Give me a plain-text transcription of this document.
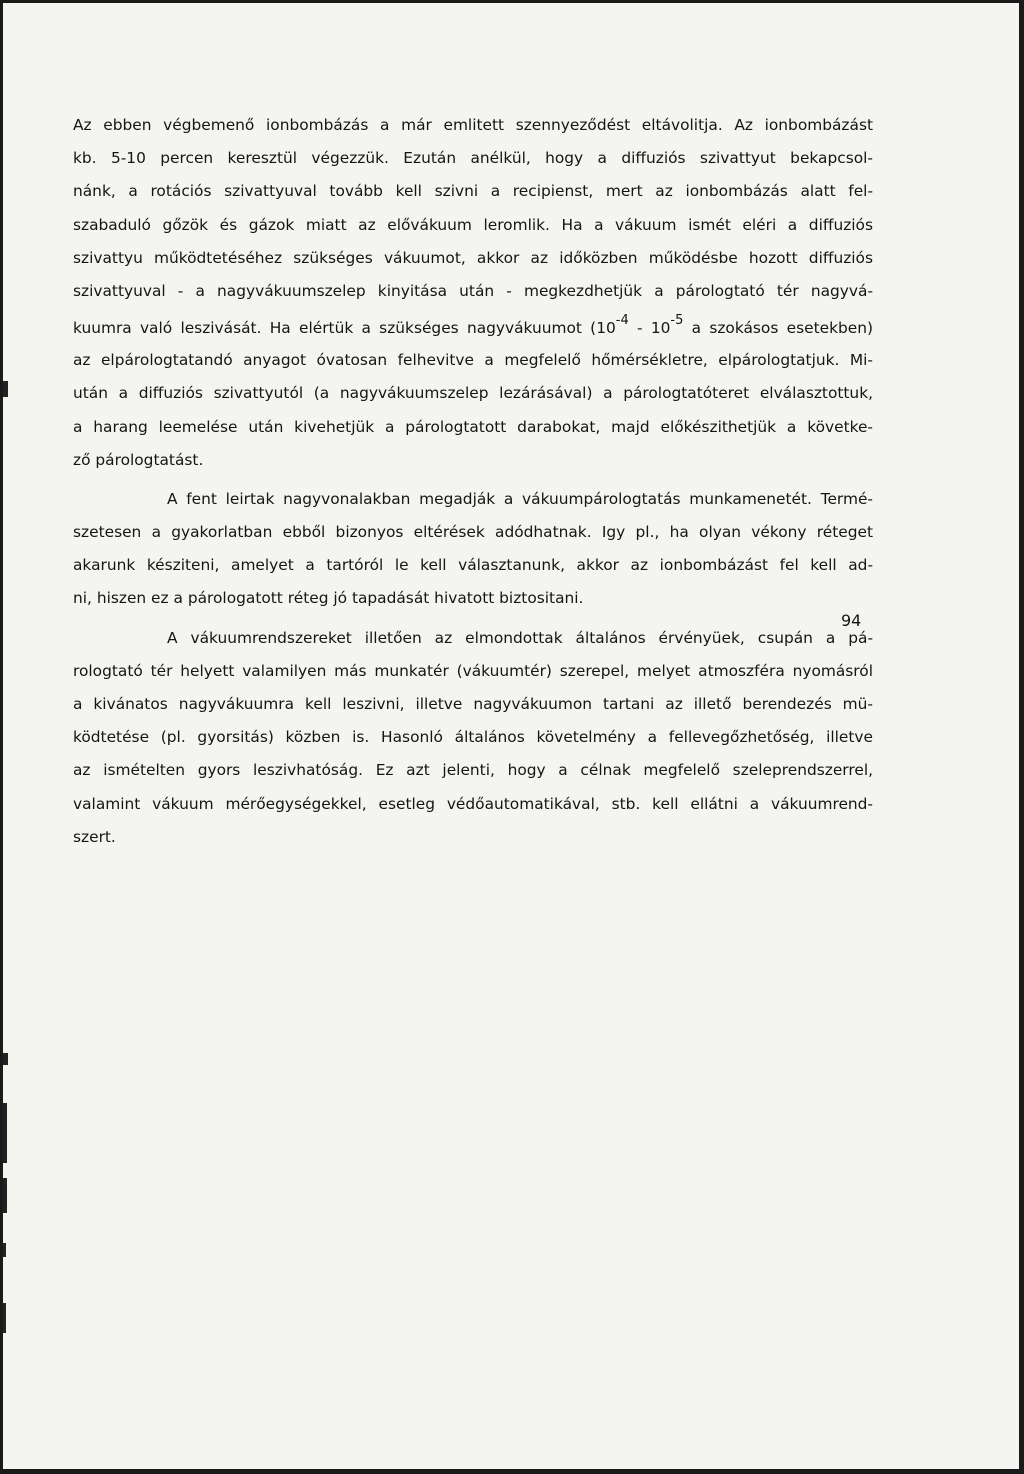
Az ebben végbemenő ionbombázás a már emlitett szennyeződést eltávolitja. Az ionbombázást
kb. 5-10 percen keresztül végezzük. Ezután anélkül, hogy a diffuziós szivattyut bekapcsol-
nánk, a rotációs szivattyuval tovább kell szivni a recipienst, mert az ionbombázás alatt fel-
szabaduló gőzök és gázok miatt az elővákuum leromlik. Ha a vákuum ismét eléri a diffuziós
szivattyu működtetéséhez szükséges vákuumot, akkor az időközben működésbe hozott diffuziós
szivattyuval - a nagyvákuumszelep kinyitása után - megkezdhetjük a párologtató tér nagyvá-
kuumra való leszivását. Ha elértük a szükséges nagyvákuumot ($10^{-4} - 10^{-5}$ a szokásos esetekben)
az elpárologtatandó anyagot óvatosan felhevitve a megfelelő hőmérsékletre, elpárologtatjuk. Mi-
után a diffuziós szivattyutól (a nagyvákuumszelep lezárásával) a párologtatóteret elválasztottuk,
a harang leemelése után kivehetjük a párologtatott darabokat, majd előkészithetjük a követke-
ző párologtatást.
A fent leirtak nagyvonalakban megadják a vákuumpárologtatás munkamenetét. Termé-
szetesen a gyakorlatban ebből bizonyos eltérések adódhatnak. Igy pl., ha olyan vékony réteget
akarunk késziteni, amelyet a tartóról le kell választanunk, akkor az ionbombázást fel kell ad-
ni, hiszen ez a párologatott réteg jó tapadását hivatott biztositani.
A vákuumrendszereket illetően az elmondottak általános érvényüek, csupán a pá-
rologtató tér helyett valamilyen más munkatér (vákuumtér) szerepel, melyet atmoszféra nyomásról
a kivánatos nagyvákuumra kell leszivni, illetve nagyvákuumon tartani az illető berendezés mü-
ködtetése (pl. gyorsitás) közben is. Hasonló általános követelmény a fellevegőzhetőség, illetve
az ismételten gyors leszivhatóság. Ez azt jelenti, hogy a célnak megfelelő szeleprendszerrel,
valamint vákuum mérőegységekkel, esetleg védőautomatikával, stb. kell ellátni a vákuumrend-
szert.
94
